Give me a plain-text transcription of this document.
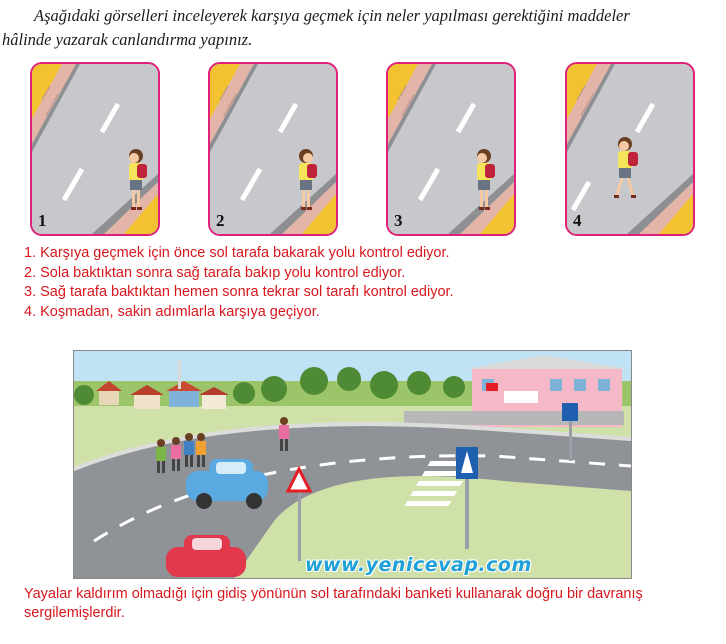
Aşağıdaki görselleri inceleyerek karşıya geçmek için neler yapılması gerektiğini maddeler
hâlinde yazarak canlandırma yapınız.
1	2	3	4
1. Karşıya geçmek için önce sol tarafa bakarak yolu kontrol ediyor.
2. Sola baktıktan sonra sağ tarafa bakıp yolu kontrol ediyor.
3. Sağ tarafa baktıktan hemen sonra tekrar sol tarafı kontrol ediyor.
4. Koşmadan, sakin adımlarla karşıya geçiyor.
www.yenicevap.com
Yayalar kaldırım olmadığı için gidiş yönünün sol tarafındaki banketi kullanarak doğru bir davranış sergilemişlerdir.
